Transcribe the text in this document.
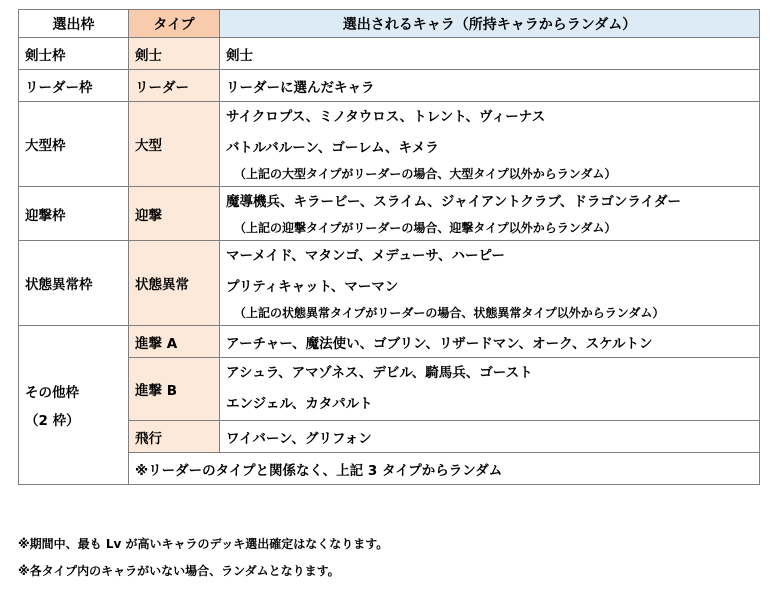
選出枠	タイプ	選出されるキャラ（所持キャラからランダム）
剣士枠	剣士	剣士
リーダー枠	リーダー	リーダーに選んだキャラ
大型枠	大型	サイクロプス、ミノタウロス、トレント、ヴィーナス
バトルバルーン、ゴーレム、キメラ
（上記の大型タイプがリーダーの場合、大型タイプ以外からランダム）

迎撃枠	迎撃	魔導機兵、キラービー、スライム、ジャイアントクラブ、ドラゴンライダー
（上記の迎撃タイプがリーダーの場合、迎撃タイプ以外からランダム）

状態異常枠	状態異常	マーメイド、マタンゴ、メデューサ、ハーピー
プリティキャット、マーマン
（上記の状態異常タイプがリーダーの場合、状態異常タイプ以外からランダム）

その他枠
（2 枠）	進撃 A	アーチャー、魔法使い、ゴブリン、リザードマン、オーク、スケルトン
	進撃 B	アシュラ、アマゾネス、デビル、騎馬兵、ゴースト
エンジェル、カタパルト

	飛行	ワイバーン、グリフォン
	※リーダーのタイプと関係なく、上記 3 タイプからランダム	
※期間中、最も Lv が高いキャラのデッキ選出確定はなくなります。
※各タイプ内のキャラがいない場合、ランダムとなります。
